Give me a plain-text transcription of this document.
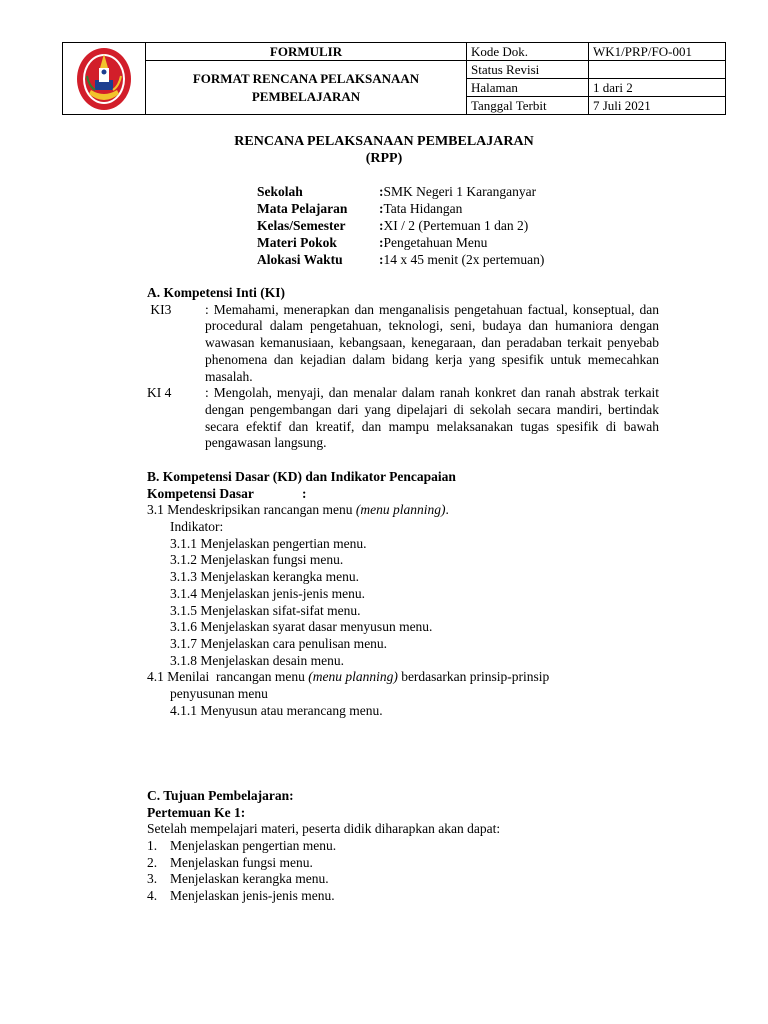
	FORMULIR	Kode Dok.	WK1/PRP/FO-001
	FORMAT RENCANA PELAKSANAAN PEMBELAJARAN	Status Revisi	
		Halaman	1 dari 2
		Tanggal Terbit	7 Juli 2021
RENCANA PELAKSANAAN PEMBELAJARAN
(RPP)
Sekolah	: SMK Negeri 1 Karanganyar
Mata Pelajaran	: Tata Hidangan
Kelas/Semester	: XI / 2 (Pertemuan 1 dan 2)
Materi Pokok	: Pengetahuan Menu
Alokasi Waktu	: 14 x 45 menit (2x pertemuan)
A. Kompetensi Inti (KI)
KI3	: Memahami, menerapkan dan menganalisis pengetahuan factual, konseptual, dan procedural dalam pengetahuan, teknologi, seni, budaya dan humaniora dengan wawasan kemanusiaan, kebangsaan, kenegaraan, dan peradaban terkait penyebab phenomena dan kejadian dalam bidang kerja yang spesifik untuk memecahkan masalah.
KI 4	: Mengolah, menyaji, dan menalar dalam ranah konkret dan ranah abstrak terkait dengan pengembangan dari yang dipelajari di sekolah secara mandiri, bertindak secara efektif dan kreatif, dan mampu melaksanakan tugas spesifik di bawah pengawasan langsung.
B. Kompetensi Dasar (KD) dan Indikator Pencapaian
Kompetensi Dasar	:
3.1 Mendeskripsikan rancangan menu (menu planning).
Indikator:
3.1.1 Menjelaskan pengertian menu.
3.1.2 Menjelaskan fungsi menu.
3.1.3 Menjelaskan kerangka menu.
3.1.4 Menjelaskan jenis-jenis menu.
3.1.5 Menjelaskan sifat-sifat menu.
3.1.6 Menjelaskan syarat dasar menyusun menu.
3.1.7 Menjelaskan cara penulisan menu.
3.1.8 Menjelaskan desain menu.
4.1 Menilai  rancangan menu (menu planning) berdasarkan prinsip-prinsip
penyusunan menu
4.1.1 Menyusun atau merancang menu.
C. Tujuan Pembelajaran:
Pertemuan Ke 1:
Setelah mempelajari materi, peserta didik diharapkan akan dapat:
1. Menjelaskan pengertian menu.
2. Menjelaskan fungsi menu.
3. Menjelaskan kerangka menu.
4. Menjelaskan jenis-jenis menu.
